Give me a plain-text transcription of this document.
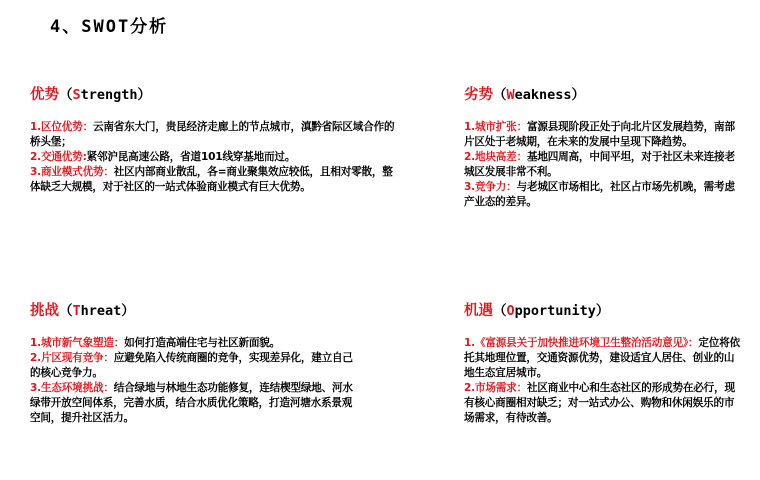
4、SWOT分析
优势（Strength）

1.区位优势：云南省东大门，贵昆经济走廊上的节点城市，滇黔省际区域合作的桥头堡；

2.交通优势:紧邻沪昆高速公路，省道101线穿基地而过。

3.商业模式优势：社区内部商业散乱，各=商业聚集效应较低，且相对零散，整体缺乏大规模，对于社区的一站式体验商业模式有巨大优势。

劣势（Weakness）

1.城市扩张：富源县现阶段正处于向北片区发展趋势，南部片区处于老城期，在未来的发展中呈现下降趋势。

2.地块高差：基地四周高，中间平坦，对于社区未来连接老城区发展非常不利。

3.竞争力：与老城区市场相比，社区占市场先机晚，需考虑产业态的差异。

挑战（Threat）

1.城市新气象塑造：如何打造高端住宅与社区新面貌。

2.片区现有竞争：应避免陷入传统商圈的竞争，实现差异化，建立自己的核心竞争力。

3.生态环境挑战：结合绿地与林地生态功能修复，连结楔型绿地、河水绿带开放空间体系，完善水质，结合水质优化策略，打造河塘水系景观空间，提升社区活力。

机遇（Opportunity）

1.《富源县关于加快推进环境卫生整治活动意见》：定位将依托其地理位置，交通资源优势，建设适宜人居住、创业的山地生态宜居城市。

2.市场需求：社区商业中心和生态社区的形成势在必行，现有核心商圈相对缺乏；对一站式办公、购物和休闲娱乐的市场需求，有待改善。
